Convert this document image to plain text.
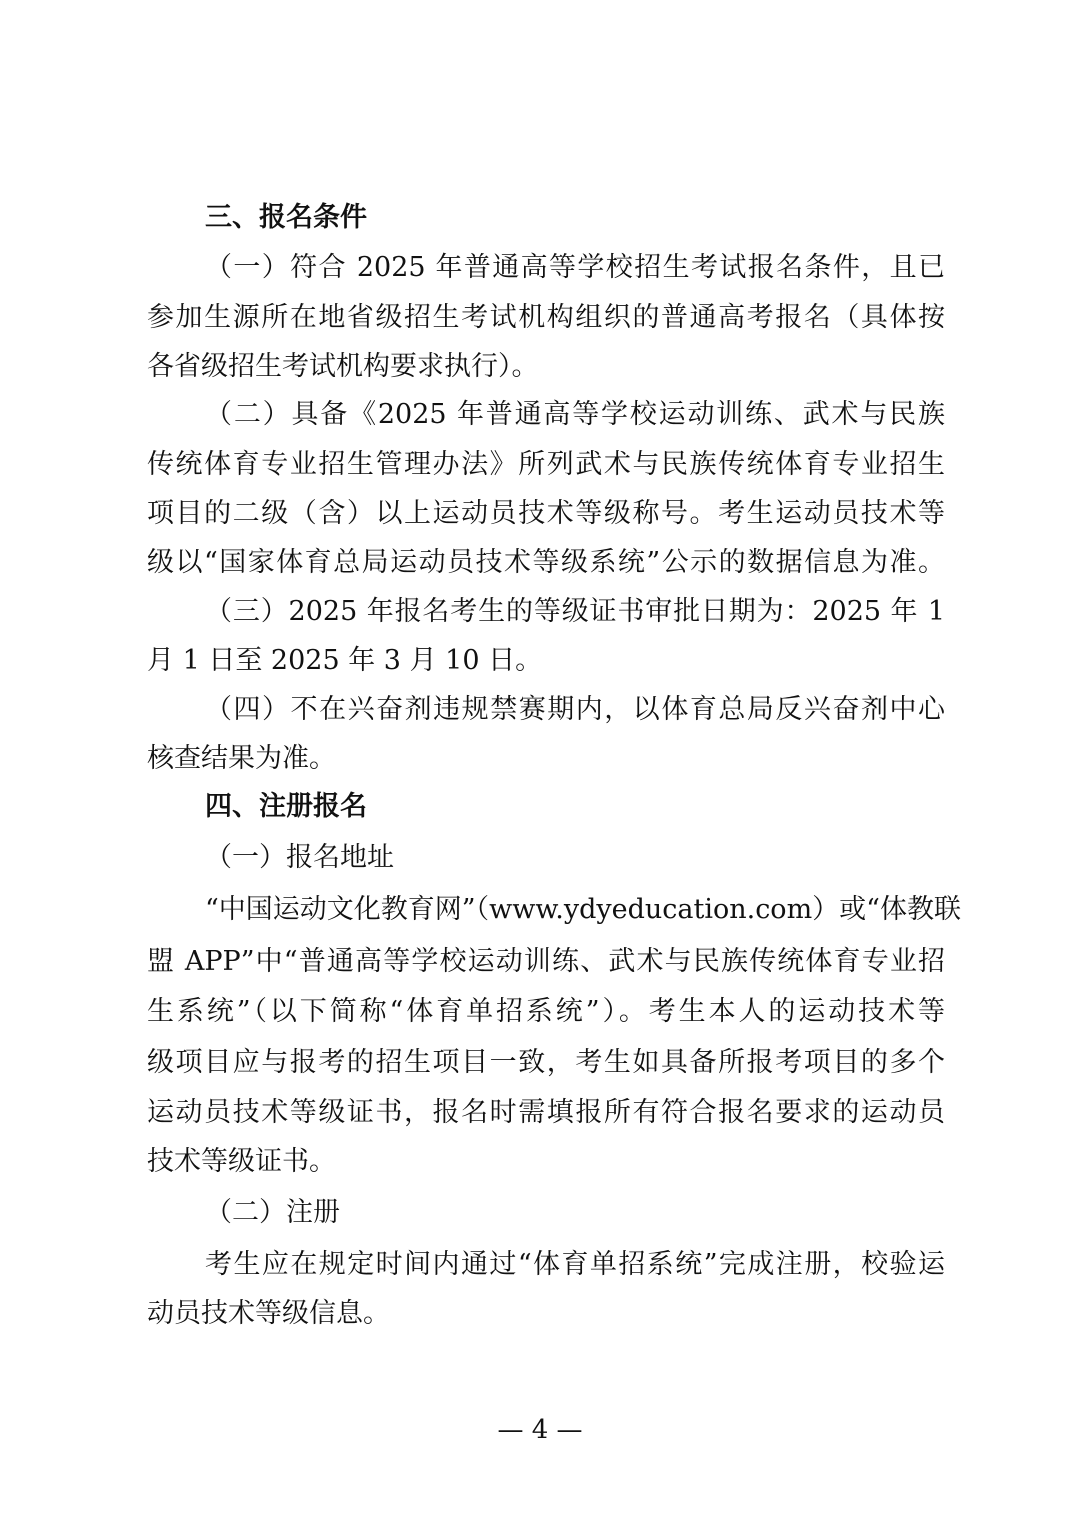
三、报名条件
（一）符合 2025 年普通高等学校招生考试报名条件，且已
参加生源所在地省级招生考试机构组织的普通高考报名（具体按
各省级招生考试机构要求执行）。
（二）具备《2025 年普通高等学校运动训练、武术与民族
传统体育专业招生管理办法》所列武术与民族传统体育专业招生
项目的二级（含）以上运动员技术等级称号。考生运动员技术等
级以“国家体育总局运动员技术等级系统”公示的数据信息为准。
（三）2025 年报名考生的等级证书审批日期为：2025 年 1
月 1 日至 2025 年 3 月 10 日。
（四）不在兴奋剂违规禁赛期内，以体育总局反兴奋剂中心
核查结果为准。
四、注册报名
（一）报名地址
“中国运动文化教育网”（www.ydyeducation.com）或“体教联
盟 APP”中“普通高等学校运动训练、武术与民族传统体育专业招
生系统”（以下简称“体育单招系统”）。考生本人的运动技术等
级项目应与报考的招生项目一致，考生如具备所报考项目的多个
运动员技术等级证书，报名时需填报所有符合报名要求的运动员
技术等级证书。
（二）注册
考生应在规定时间内通过“体育单招系统”完成注册，校验运
动员技术等级信息。
— 4 —
